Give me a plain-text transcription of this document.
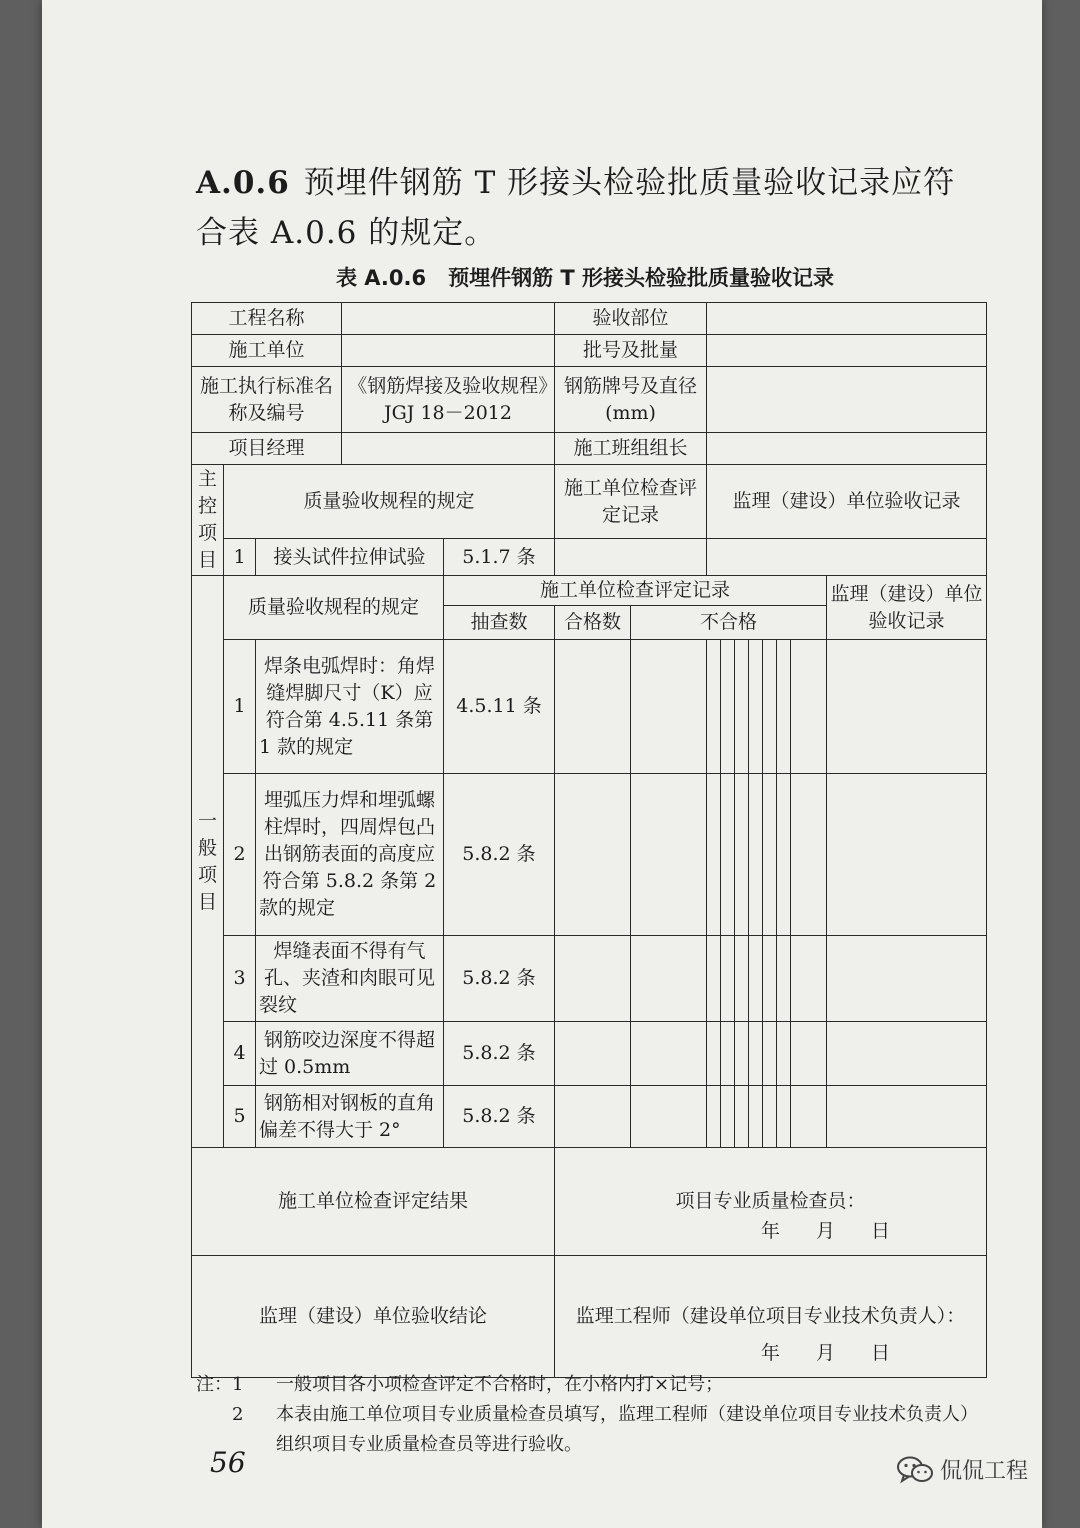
A.0.6 预埋件钢筋 T 形接头检验批质量验收记录应符合表 A.0.6 的规定。
表 A.0.6 预埋件钢筋 T 形接头检验批质量验收记录
工程名称					验收部位										
施工单位					批号及批量										
施工执行标准名称及编号			《钢筋焊接及验收规程》JGJ 18－2012		钢筋牌号及直径(mm)										
项目经理					施工班组组长										
主控项目	质量验收规程的规定				施工单位检查评定记录		监理（建设）单位验收记录								
	1	接头试件拉伸试验		5.1.7 条											
一般项目	质量验收规程的规定			施工单位检查评定记录										监理（建设）单位验收记录	
				抽查数	合格数	不合格									
	1	焊条电弧焊时：角焊缝焊脚尺寸（K）应符合第 4.5.11 条第 1 款的规定		4.5.11 条											
	2	埋弧压力焊和埋弧螺柱焊时，四周焊包凸出钢筋表面的高度应符合第 5.8.2 条第 2 款的规定		5.8.2 条											
	3	焊缝表面不得有气孔、夹渣和肉眼可见裂纹		5.8.2 条											
	4	钢筋咬边深度不得超过 0.5mm		5.8.2 条											
	5	钢筋相对钢板的直角偏差不得大于 2°		5.8.2 条											
施工单位检查评定结果					项目专业质量检查员：
年 月 日										

监理（建设）单位验收结论					监理工程师（建设单位项目专业技术负责人）：
年 月 日										
注： 1	一般项目各小项检查评定不合格时，在小格内打×记号；
2	本表由施工单位项目专业质量检查员填写，监理工程师（建设单位项目专业技术负责人）组织项目专业质量检查员等进行验收。
56	侃侃工程
